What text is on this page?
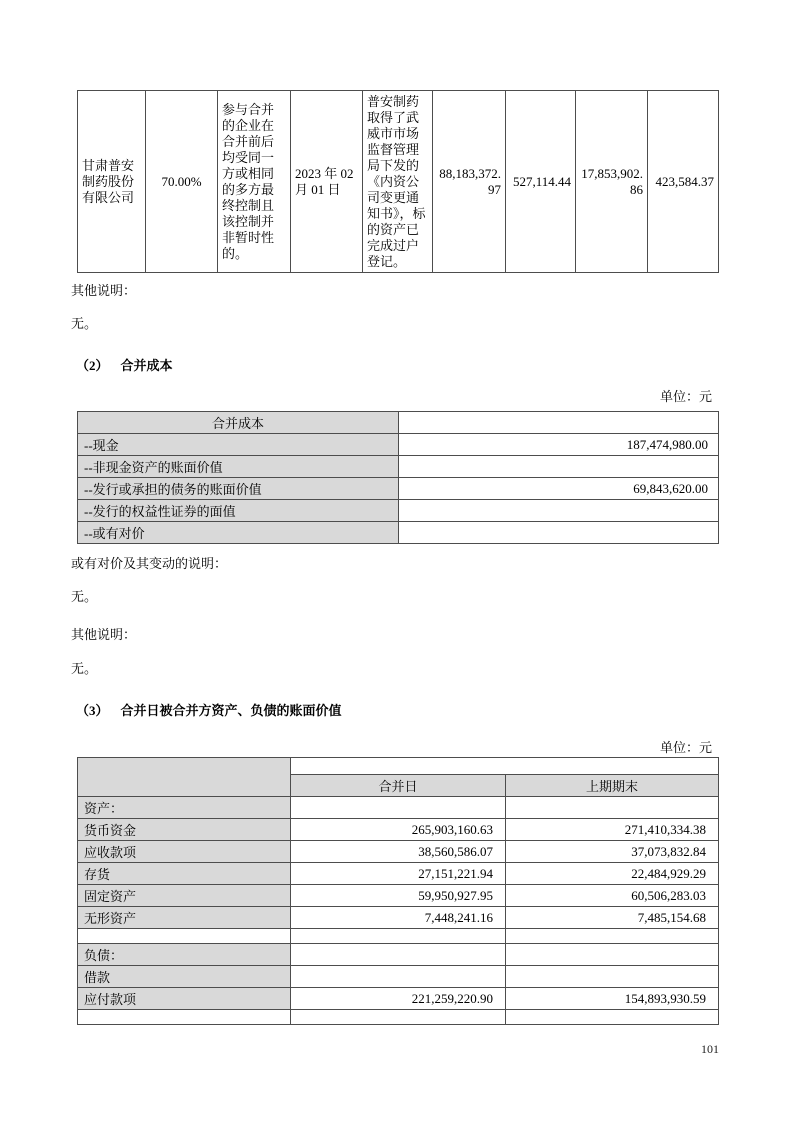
甘肃普安制药股份有限公司	70.00%	参与合并的企业在合并前后均受同一方或相同的多方最终控制且该控制并非暂时性的。	2023 年 02 月 01 日	普安制药取得了武威市市场监督管理局下发的《内资公司变更通知书》，标的资产已完成过户登记。	88,183,372.97	527,114.44	17,853,902.86	423,584.37
其他说明：
无。
（2） 合并成本
单位：元
合并成本	
--现金	187,474,980.00
--非现金资产的账面价值	
--发行或承担的债务的账面价值	69,843,620.00
--发行的权益性证券的面值	
--或有对价	
或有对价及其变动的说明：
无。
其他说明：
无。
（3） 合并日被合并方资产、负债的账面价值
单位：元

	合并日	上期期末
资产：		
货币资金	265,903,160.63	271,410,334.38
应收款项	38,560,586.07	37,073,832.84
存货	27,151,221.94	22,484,929.29
固定资产	59,950,927.95	60,506,283.03
无形资产	7,448,241.16	7,485,154.68

负债：		
借款		
应付款项	221,259,220.90	154,893,930.59

101
